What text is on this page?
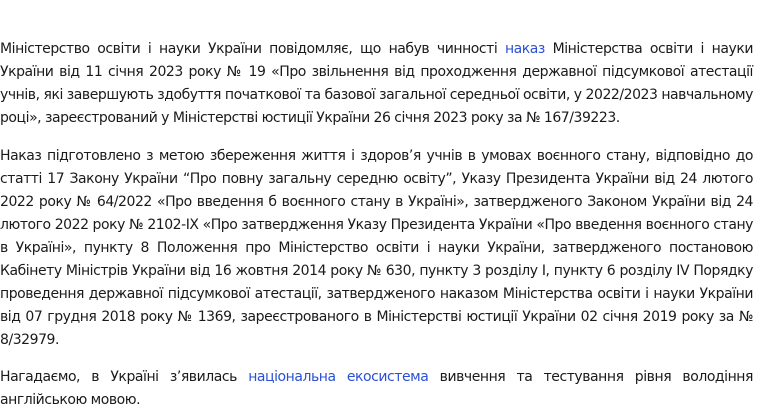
Міністерство освіти і науки України повідомляє, що набув чинності наказ Міністерства освіти і науки України від 11 січня 2023 року № 19 «Про звільнення від проходження державної підсумкової атестації учнів, які завершують здобуття початкової та базової загальної середньої освіти, у 2022/2023 навчальному році», зареєстрований у Міністерстві юстиції України 26 січня 2023 року за № 167/39223.

Наказ підготовлено з метою збереження життя і здоров’я учнів в умовах воєнного стану, відповідно до статті 17 Закону України “Про повну загальну середню освіту”, Указу Президента України від 24 лютого 2022 року № 64/2022 «Про введення б воєнного стану в Україні», затвердженого Законом України від 24 лютого 2022 року № 2102-IX «Про затвердження Указу Президента України «Про введення воєнного стану в Україні», пункту 8 Положення про Міністерство освіти і науки України, затвердженого постановою Кабінету Міністрів України від 16 жовтня 2014 року № 630, пункту 3 розділу I, пункту 6 розділу IV Порядку проведення державної підсумкової атестації, затвердженого наказом Міністерства освіти і науки України від 07 грудня 2018 року № 1369, зареєстрованого в Міністерстві юстиції України 02 січня 2019 року за № 8/32979.

Нагадаємо, в Україні з’явилась національна екосистема вивчення та тестування рівня володіння англійською мовою.
